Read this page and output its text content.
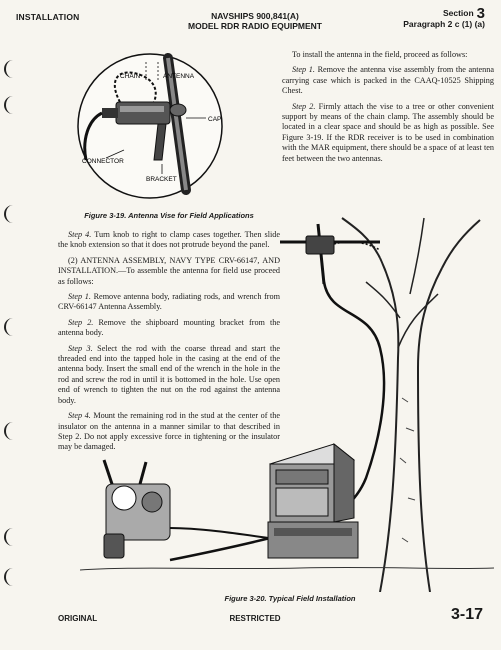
INSTALLATION	NAVSHIPS 900,841(A)
MODEL RDR RADIO EQUIPMENT
Section 3
Paragraph 2 c (1) (a)
CHAIN	ANTENNA
CAP
CONNECTOR
BRACKET
Figure 3-19. Antenna Vise for Field Applications

To install the antenna in the field, proceed as follows:

Step 1. Remove the antenna vise assembly from the antenna carrying case which is packed in the CAAQ-10525 Shipping Chest.

Step 2. Firmly attach the vise to a tree or other convenient support by means of the chain clamp. The assembly should be located in a clear space and should be as high as possible. See Figure 3-19. If the RDR receiver is to be used in combination with the MAR equipment, there should be a space of at least ten feet between the two antennas.

Step 4. Turn knob to right to clamp cases together. Then slide the knob extension so that it does not protrude beyond the panel.

(2) ANTENNA ASSEMBLY, NAVY TYPE CRV-66147, AND INSTALLATION.—To assemble the antenna for field use proceed as follows:

Step 1. Remove antenna body, radiating rods, and wrench from CRV-66147 Antenna Assembly.

Step 2. Remove the shipboard mounting bracket from the antenna body.

Step 3. Select the rod with the coarse thread and start the threaded end into the tapped hole in the casing at the end of the antenna body. Insert the small end of the wrench in the hole in the rod and screw the rod in until it is bottomed in the hole. Use open end of wrench to tighten the nut on the rod against the antenna body.

Step 4. Mount the remaining rod in the stud at the center of the insulator on the antenna in a manner similar to that described in Step 2. Do not apply excessive force in tightening or the insulator may be damaged.

Figure 3-20. Typical Field Installation
ORIGINAL	RESTRICTED	3-17
